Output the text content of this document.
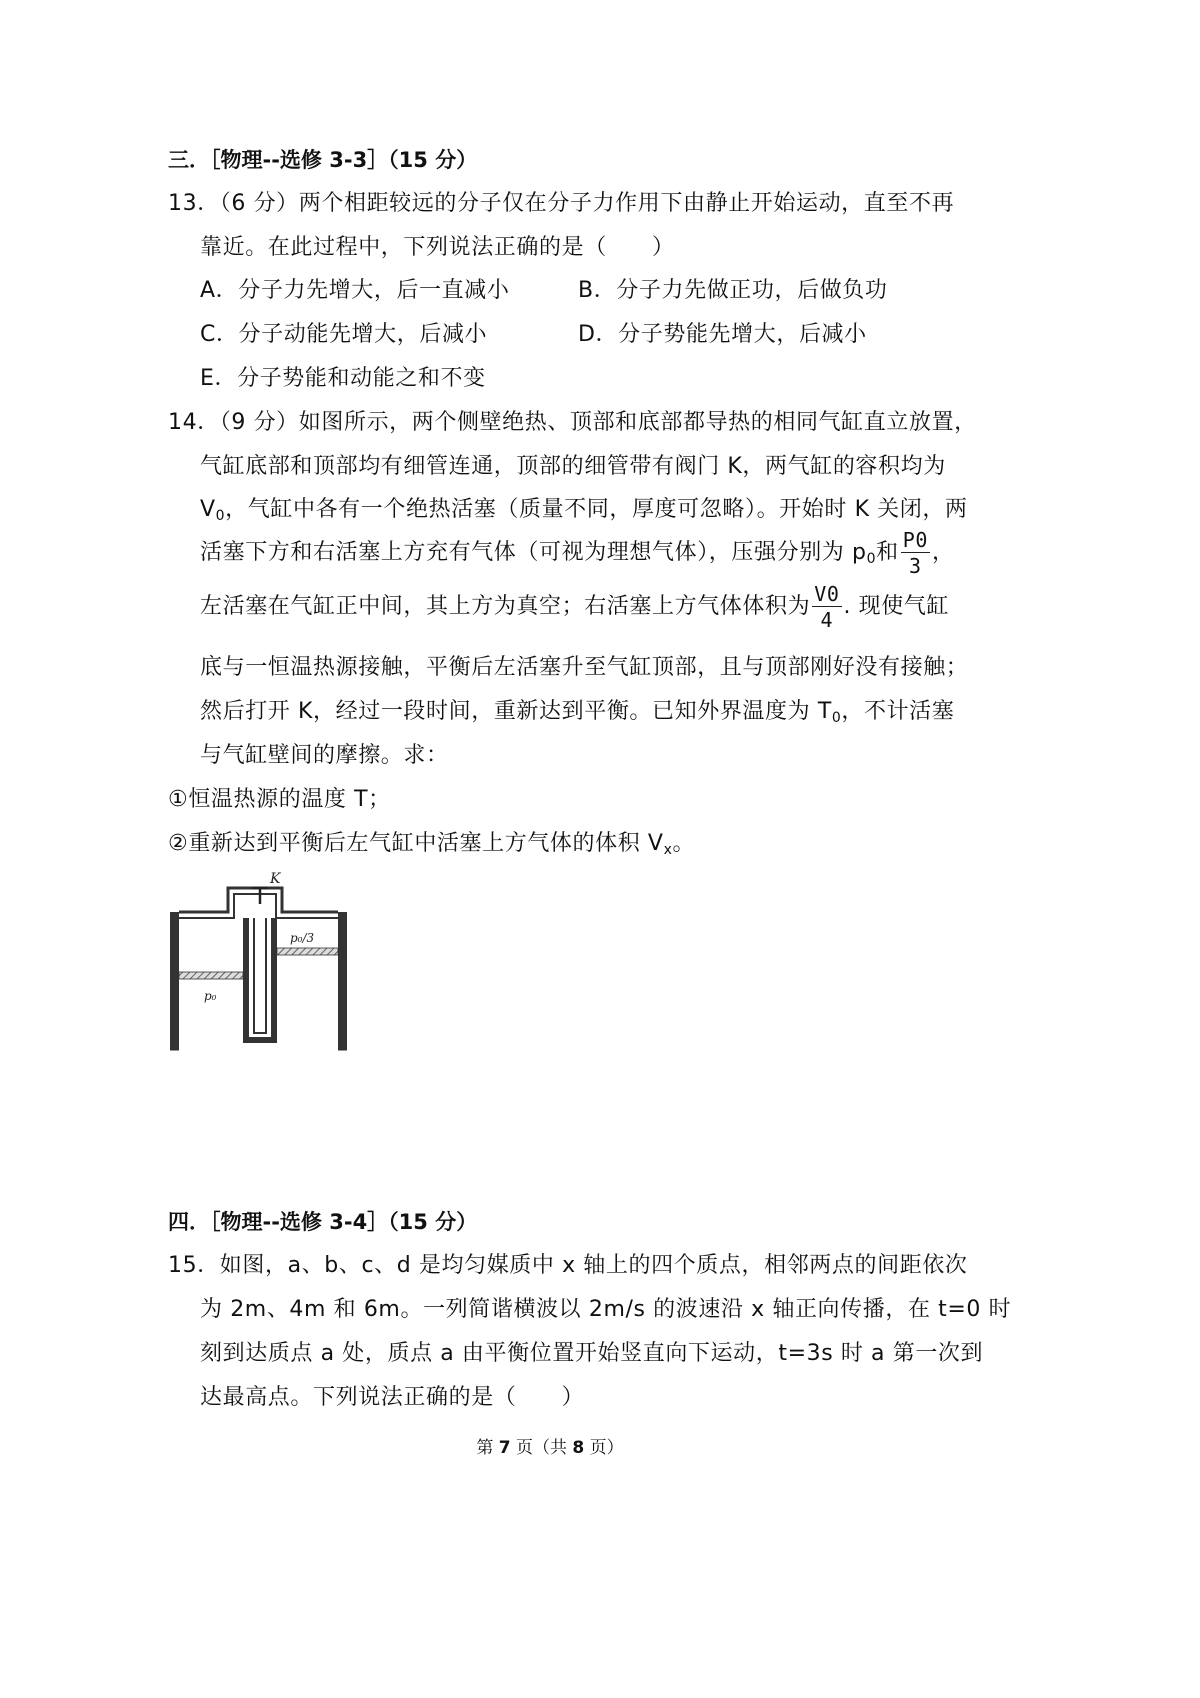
三．［物理--选修 3-3］（15 分）
13．（6 分）两个相距较远的分子仅在分子力作用下由静止开始运动，直至不再
靠近。在此过程中，下列说法正确的是（　　）
A．分子力先增大，后一直减小	B．分子力先做正功，后做负功
C．分子动能先增大，后减小	D．分子势能先增大，后减小
E．分子势能和动能之和不变
14．（9 分）如图所示，两个侧壁绝热、顶部和底部都导热的相同气缸直立放置，
气缸底部和顶部均有细管连通，顶部的细管带有阀门 K，两气缸的容积均为
$V_0$，气缸中各有一个绝热活塞（质量不同，厚度可忽略）。开始时 K 关闭，两
活塞下方和右活塞上方充有气体（可视为理想气体），压强分别为 $p_0$和 $\frac{P0}{3}$ ，
左活塞在气缸正中间，其上方为真空；右活塞上方气体体积为 $\frac{V0}{4}$ . 现使气缸
底与一恒温热源接触，平衡后左活塞升至气缸顶部，且与顶部刚好没有接触；
然后打开 K，经过一段时间，重新达到平衡。已知外界温度为 $T_0$，不计活塞
与气缸壁间的摩擦。求：
①恒温热源的温度 T；
②重新达到平衡后左气缸中活塞上方气体的体积 $V_x$。
K
p₀/3
p₀
四．［物理--选修 3-4］（15 分）
15．如图，a、b、c、d 是均匀媒质中 x 轴上的四个质点，相邻两点的间距依次
为 2m、4m 和 6m。一列简谐横波以 2m/s 的波速沿 x 轴正向传播，在 t=0 时
刻到达质点 a 处，质点 a 由平衡位置开始竖直向下运动，t=3s 时 a 第一次到
达最高点。下列说法正确的是（　　）
第 7 页（共 8 页）
